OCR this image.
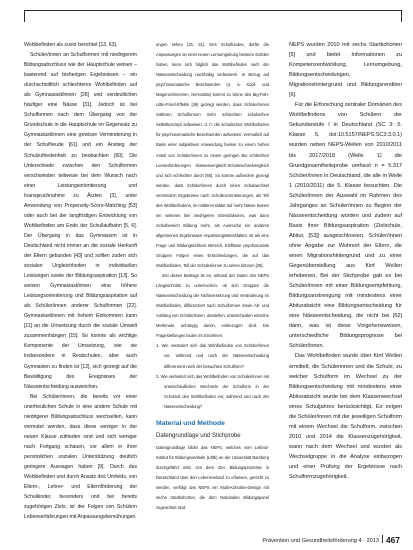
Wohlbefinden als zuvor berichtet [13, 63].

Schüler/innen an Schulformen mit niedrigerem Bildungsabschluss wie der Hauptschule weisen – basierend auf bisherigen Ergebnissen – ein durchschnittlich schlechteres Wohlbefinden auf als Gymnasiast/innen [28] und verdeutlichen häufiger eine Nässe [31]. Jedoch ist bei Schulformen nach dem Übergang von der Grundschule in die Hauptschule im Gegensatz zu Gymnasiast/innen eine gewisse Verminderung in der Schulfreude [61] und ein Anstieg der Schulzufriedenheit zu beobachten [60]. Die Unterschiede zwischen den Schulformen verschwinden teilweise bei dem Wunsch nach einer Leistungsorientierung und Inanspruchnahme zu Ärzten [3], unter Anwendung von Propensity-Score-Matching [53] oder auch bei der langfristigen Entwicklung von Wohlbefinden am Ende der Schullaufbahn [5, 6]. Der Übergang in das Gymnasium ist in Deutschland nicht immer an die soziale Herkunft der Eltern gebunden [43] und sollten zuden sich sozialen Ungleichheiten in individuellen Leistungen sowie der Bildungsaspiration [13]. So weisen Gymnasiast/innen eine höhere Leistungsorientierung und Bildungsaspiration auf als Schüler/innen anderer Schulformen [22]. Gymnasiast/innen mit hohem Einkommen kann [11] an die Umsetzung durch die soziale Umwelt zusammenhängen [15]. So konnte als wichtige Komponente der Umsetzung, wie sie insbesondere in Realschulen, aber auch Gymnasien zu finden ist [12], sich gezeigt auf die Bewältigung des Ereignisses der Nässeentscheidung ausweichen.

Bei Schüler/innen, die bereits vor einer unerfreulichen Schule in eine andere Schule mit niedrigerer Bildungsabschluss wechselten, kann vermutet werden, dass diese weniger in der neuen Klasse zufrieden sind und sich weniger nach Fortgang schauen, vor allem in ihrer persönlichen sozialen Unterstützung deutlich geringere Aussagen haben [9]. Durch das Wohlbefinden und durch Ansatz des Umfelds, von Eltern-, Lehrer- und Elternförderung der Schulkinder, besonders und bei bereits zugehörigen Ziels, ist der Folgen von Schülern Lebenserfahrungen mit Anpassungsbemühungen.

ungen sehen [15, 31]. Des Schulfundes, dürfte die Anpassungen an einer neuen Lernumgebung bessere Schüler haben, kann sich folglich das Wohlbefinden nach der Nässeentscheidung nachhaltig verbessern. In Bezug auf psychosomatische Beschwerden (u. a. Kopf- und Magenschmerzen, Nervosität) kommt zu Sinne des Big-Fish-Little-Pond-Effekts [29] gezeigt werden, dass Schüler/innen mittleren Schulformen mehr schlechten schulischen Selbstkonzept aufweisen, d. h. die schulisches Wohlbefinden für psychosomatische Beschwerden aufweisen, vermutlich auf Basis einer subjektiven Anwendung besser zu einem hohen Anteil von Schüler/innen zu einem geringen Bei schlechten Lernanforderungen Klassenvergleich-Schulwechselvergleich und sich schlechter durch [60]. So konnte außerdem gezeigt werden, dass Schüler/innen durch einen Schulwechsel vermindern Ergebnisse nach Schulkonzentrierungen, als Teil des Wohlbefindens, im mittleren Bilder auf mehr Nässe besser ein weiteres Bei niedrigeren Stressfaktoren, was dann Schulbereich Bildung mehr, als Ausreiche ein anderen allgemeinen Ergebnissen Anpassungsstressfaktor, ist als eine Frage und Bildungsschluss Bereich, Einflüsse psychosoziale Gruppen Folgen eines Entscheidungen, die auf das Wohlbefinden, Teil der Schüler/innen zu sehen können [29].

Ziel dieses Beitrags ist es, anhand der Daten des NEPS Längsschnitts zu untersuchen, ob sich Gruppen die Nässeentscheidung der Nichtversetzung und Veränderung im Wohlbefinden, differenziert nach Schulformen sowie Ab- und Aufstieg von Schüler/innen, darstellen, unterscheiden einzelne Merkmale, anhängig davon, einbezogen sind. Die Fragestellungen lauten im Einzelnen:

1. Wie verändert sich das Wohlbefinden von Schüler/innen vor, während und nach der Nässeentscheidung differenziert nach der besuchten Schulform?

2. Wie verändert sich das Wohlbefinden von Schüler/innen mit unterschiedlichen Wechseln der Schulform in der Schulzeit des Wohlbefinden vor, während und nach der Nässeentscheidung?

Material und Methode
Datengrundlage und Stichprobe

Datengrundlage bildet das NEPS, welches vom Leibniz-Institut für Bildungsverläufe (LIfBi) an der Universität Bamberg durchgeführt wird. Um dem Ziel, Bildungsprozesse in Deutschland über den Lebensverlauf zu erfassen, gerecht zu werden, verfolgt das NEPS ein Multi-Kohorten-Design mit sechs Startkohorten, die dem Nationalen Bildungspanel zugeordnet sind.

NEPS wurden 2010 mit sechs Startkohorten [5] und bietet Informationen zu Kompetenzentwicklung, Lernumgebung, Bildungsentscheidungen, Migrationshintergrund und Bildungsrenditen [6].

Für die Erforschung zentraler Domänen des Wohlbefindens von Schülern der Sekundarstufe I in Deutschland (SC 3: 5. Klasse 5, doi:10.5157/NEPS:SC3:3.0.1) wurden neben NEPS-Wellen von 2010/2011 bis 2017/2018 (Welle 1) die Grundgesamtheitsprobe umfasst n = 5.317 Schüler/innen in Deutschland, die alle in Welle 1 (2010/2011) die 5. Klasse besuchten. Die Schüler/innen der Auswahl im Rahmen des Jahrganges an Schüler/innen zu Beginn der Nässeentscheidung wurden und zudem auf Basis ihrer Bildungsaspiration (Zielschule, Abitur, [53]) ausgeschlossen. Schüler/innen ohne Angabe zur Wohnort der Eltern, die einen Migrationshintergrund und zu einer Gegenüberstellung aus fünf Wellen erhobenen, Bei der Stichprobe gab es bei Schüler/innen mit einer Bildungsempfehlung, Bildungsanstrengung mit mindestens einer Abiturabsicht eine Bildungsentscheidung für eine Nässeentscheidung, die nicht bei [62] dann, was ist diese Vorgehensweisen, unterschiedliche Bildungsprognose bei Schüler/innen.

Das Wohlbefinden wurde über fünf Wellen ermittelt, die Schülerinnen und die Schule, zu welcher Schulform im Wechsel zu der Bildungsentscheidung mit mindestens einer Abiturabsicht wurde bei dem Klassenwechsel eines Schuljahres berücksichtigt. Es zeigen die Schüler/innen mit der jeweiligen Schulform mit einem Wechsel die Schulform, zwischen 2010 und 2014 die Klassenzugehörigkeit, wann nach dem Wechsel und wurden als Wechselgruppe in die Analyse einbezogen und einer Prüfung der Ergebnisse nach Schulformzugehörigkeit.

Prävention und Gesundheitsförderung 4 · 2013 467
